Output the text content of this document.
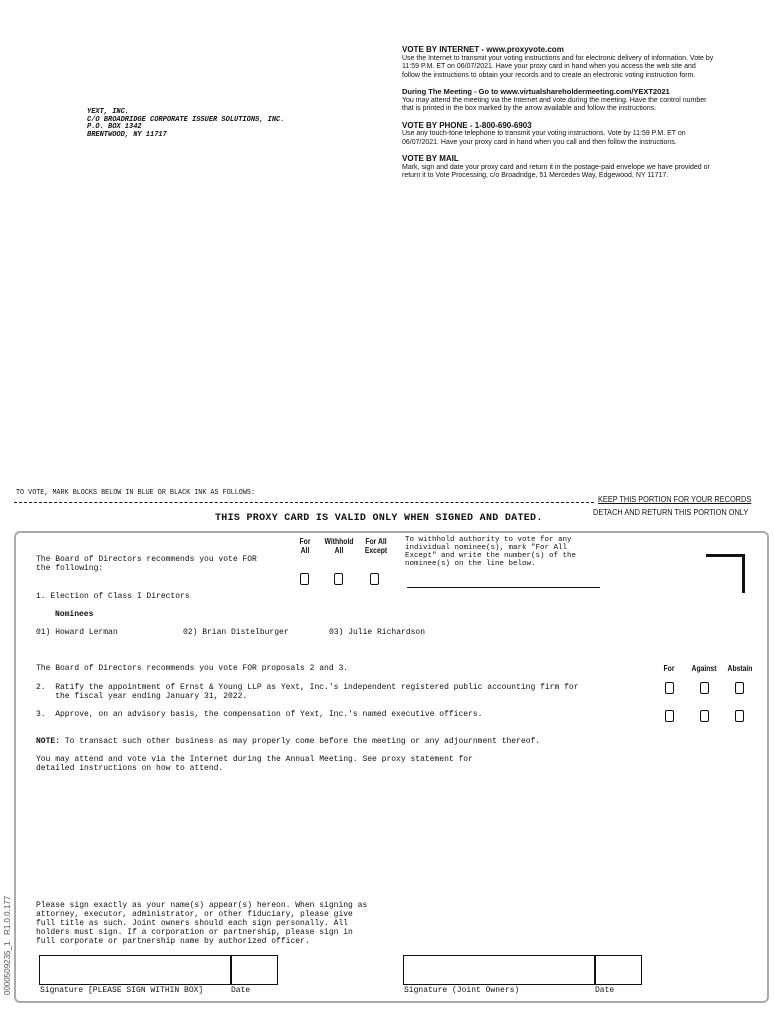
YEXT, INC.
C/O BROADRIDGE CORPORATE ISSUER SOLUTIONS, INC.
P.O. BOX 1342
BRENTWOOD, NY 11717
VOTE BY INTERNET - www.proxyvote.com
Use the Internet to transmit your voting instructions and for electronic delivery of information. Vote by 11:59 P.M. ET on 06/07/2021. Have your proxy card in hand when you access the web site and follow the instructions to obtain your records and to create an electronic voting instruction form.
During The Meeting - Go to www.virtualshareholdermeeting.com/YEXT2021
You may attend the meeting via the Internet and vote during the meeting. Have the control number that is printed in the box marked by the arrow available and follow the instructions.
VOTE BY PHONE - 1-800-690-6903
Use any touch-tone telephone to transmit your voting instructions. Vote by 11:59 P.M. ET on 06/07/2021. Have your proxy card in hand when you call and then follow the instructions.
VOTE BY MAIL
Mark, sign and date your proxy card and return it in the postage-paid envelope we have provided or return it to Vote Processing, c/o Broadridge, 51 Mercedes Way, Edgewood, NY 11717.
TO VOTE, MARK BLOCKS BELOW IN BLUE OR BLACK INK AS FOLLOWS:
KEEP THIS PORTION FOR YOUR RECORDS
DETACH AND RETURN THIS PORTION ONLY
THIS PROXY CARD IS VALID ONLY WHEN SIGNED AND DATED.
The Board of Directors recommends you vote FOR the following:
For All
Withhold All
For All Except
To withhold authority to vote for any individual nominee(s), mark "For All Except" and write the number(s) of the nominee(s) on the line below.
1. Election of Class I Directors
Nominees
01) Howard Lerman	02) Brian Distelburger	03) Julie Richardson
The Board of Directors recommends you vote FOR proposals 2 and 3.	For	Against	Abstain
2.  Ratify the appointment of Ernst & Young LLP as Yext, Inc.'s independent registered public accounting firm for
the fiscal year ending January 31, 2022.
3.  Approve, on an advisory basis, the compensation of Yext, Inc.'s named executive officers.
NOTE: To transact such other business as may properly come before the meeting or any adjournment thereof.
You may attend and vote via the Internet during the Annual Meeting. See proxy statement for detailed instructions on how to attend.
0000509235_1   R1.0.0.177	Please sign exactly as your name(s) appear(s) hereon. When signing as attorney, executor, administrator, or other fiduciary, please give full title as such. Joint owners should each sign personally. All holders must sign. If a corporation or partnership, please sign in full corporate or partnership name by authorized officer.
Signature [PLEASE SIGN WITHIN BOX]	Date	Signature (Joint Owners)	Date
